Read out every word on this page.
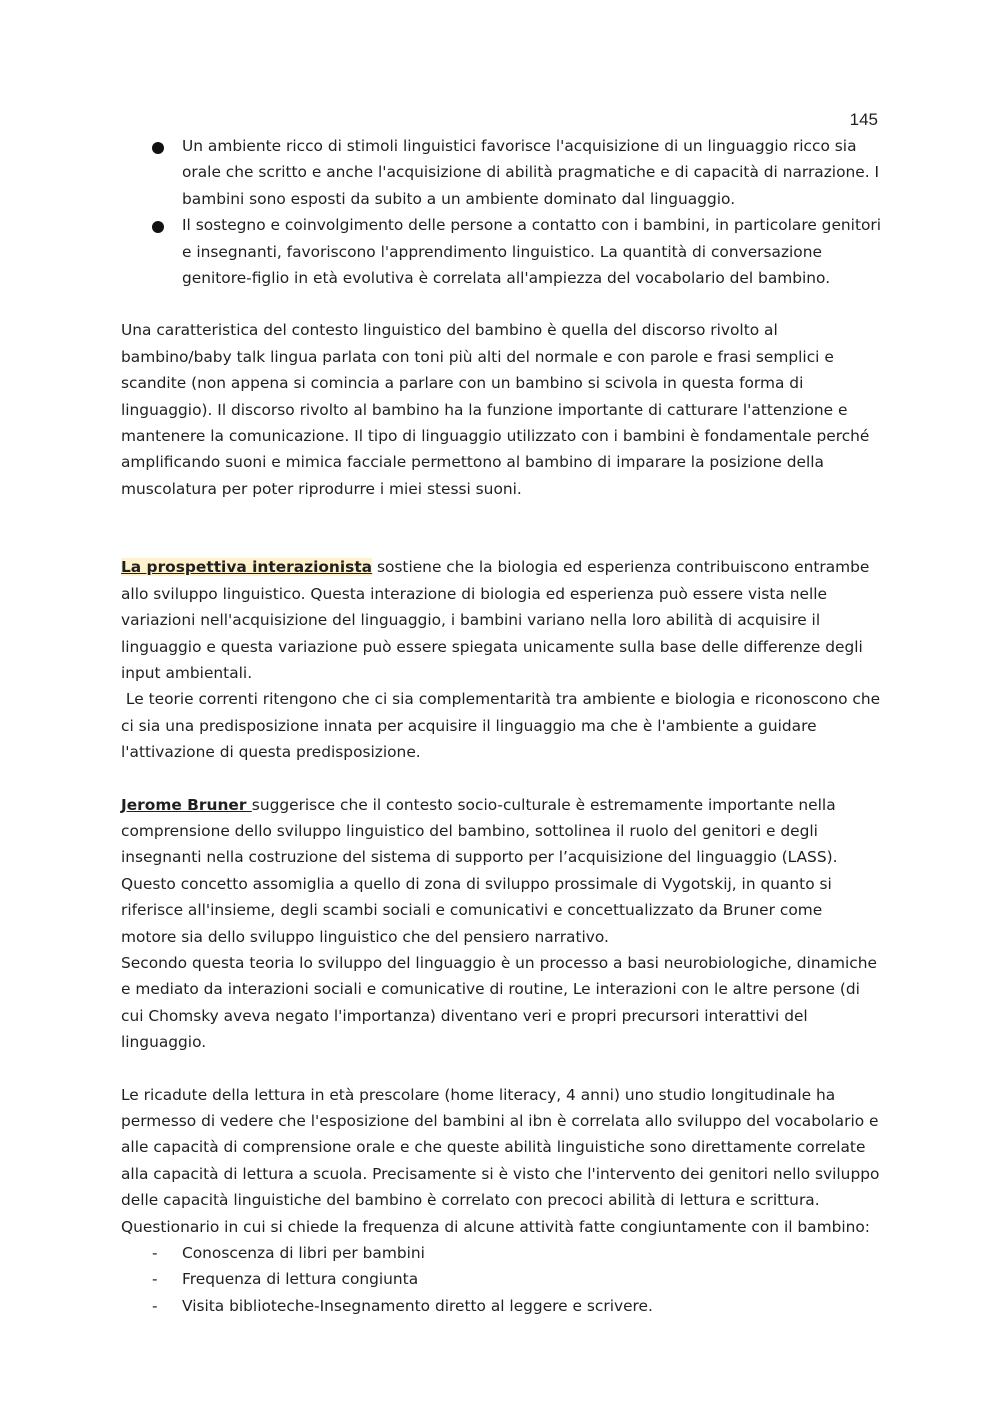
145
Un ambiente ricco di stimoli linguistici favorisce l'acquisizione di un linguaggio ricco sia orale che scritto e anche l'acquisizione di abilità pragmatiche e di capacità di narrazione. I bambini sono esposti da subito a un ambiente dominato dal linguaggio.
Il sostegno e coinvolgimento delle persone a contatto con i bambini, in particolare genitori e insegnanti, favoriscono l'apprendimento linguistico. La quantità di conversazione genitore-figlio in età evolutiva è correlata all'ampiezza del vocabolario del bambino.

Una caratteristica del contesto linguistico del bambino è quella del discorso rivolto al bambino/baby talk lingua parlata con toni più alti del normale e con parole e frasi semplici e scandite (non appena si comincia a parlare con un bambino si scivola in questa forma di linguaggio). Il discorso rivolto al bambino ha la funzione importante di catturare l'attenzione e mantenere la comunicazione. Il tipo di linguaggio utilizzato con i bambini è fondamentale perché amplificando suoni e mimica facciale permettono al bambino di imparare la posizione della muscolatura per poter riprodurre i miei stessi suoni.

La prospettiva interazionista sostiene che la biologia ed esperienza contribuiscono entrambe allo sviluppo linguistico. Questa interazione di biologia ed esperienza può essere vista nelle variazioni nell'acquisizione del linguaggio, i bambini variano nella loro abilità di acquisire il linguaggio e questa variazione può essere spiegata unicamente sulla base delle differenze degli input ambientali.

Le teorie correnti ritengono che ci sia complementarità tra ambiente e biologia e riconoscono che ci sia una predisposizione innata per acquisire il linguaggio ma che è l'ambiente a guidare l'attivazione di questa predisposizione.

Jerome Bruner suggerisce che il contesto socio-culturale è estremamente importante nella comprensione dello sviluppo linguistico del bambino, sottolinea il ruolo del genitori e degli insegnanti nella costruzione del sistema di supporto per l’acquisizione del linguaggio (LASS).

Questo concetto assomiglia a quello di zona di sviluppo prossimale di Vygotskij, in quanto si riferisce all'insieme, degli scambi sociali e comunicativi e concettualizzato da Bruner come motore sia dello sviluppo linguistico che del pensiero narrativo.

Secondo questa teoria lo sviluppo del linguaggio è un processo a basi neurobiologiche, dinamiche e mediato da interazioni sociali e comunicative di routine, Le interazioni con le altre persone (di cui Chomsky aveva negato l'importanza) diventano veri e propri precursori interattivi del linguaggio.

Le ricadute della lettura in età prescolare (home literacy, 4 anni) uno studio longitudinale ha permesso di vedere che l'esposizione del bambini al ibn è correlata allo sviluppo del vocabolario e alle capacità di comprensione orale e che queste abilità linguistiche sono direttamente correlate alla capacità di lettura a scuola. Precisamente si è visto che l'intervento dei genitori nello sviluppo delle capacità linguistiche del bambino è correlato con precoci abilità di lettura e scrittura. Questionario in cui si chiede la frequenza di alcune attività fatte congiuntamente con il bambino:

- Conoscenza di libri per bambini
- Frequenza di lettura congiunta
- Visita biblioteche-Insegnamento diretto al leggere e scrivere.
